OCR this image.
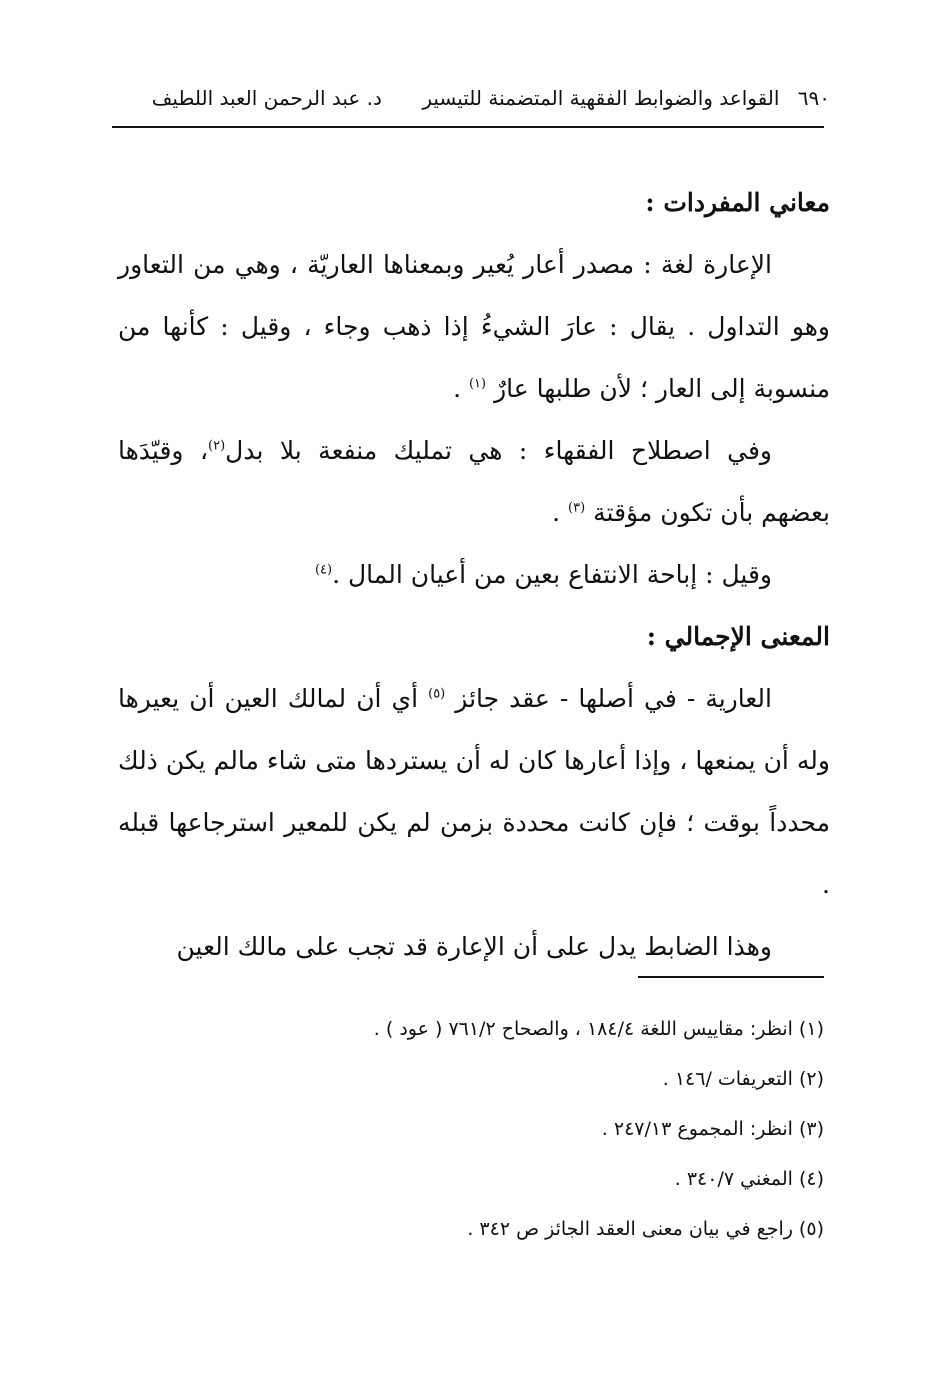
٦٩٠ القواعد والضوابط الفقهية المتضمنة للتيسير د. عبد الرحمن العبد اللطيف

معاني المفردات :

الإعارة لغة : مصدر أعار يُعير وبمعناها العاريّة ، وهي من التعاور وهو التداول . يقال : عارَ الشيءُ إذا ذهب وجاء ، وقيل : كأنها من منسوبة إلى العار ؛ لأن طلبها عارٌ $^{(١)}$ .

وفي اصطلاح الفقهاء : هي تمليك منفعة بلا بدل$^{(٢)}$، وقيّدَها بعضهم بأن تكون مؤقتة $^{(٣)}$ .

وقيل : إباحة الانتفاع بعين من أعيان المال .$^{(٤)}$

المعنى الإجمالي :

العارية - في أصلها - عقد جائز $^{(٥)}$ أي أن لمالك العين أن يعيرها وله أن يمنعها ، وإذا أعارها كان له أن يستردها متى شاء مالم يكن ذلك محدداً بوقت ؛ فإن كانت محددة بزمن لم يكن للمعير استرجاعها قبله .

وهذا الضابط يدل على أن الإعارة قد تجب على مالك العين

(١) انظر: مقاييس اللغة ١٨٤/٤ ، والصحاح ٧٦١/٢ ( عود ) .

(٢) التعريفات /١٤٦ .

(٣) انظر: المجموع ٢٤٧/١٣ .

(٤) المغني ٣٤٠/٧ .

(٥) راجع في بيان معنى العقد الجائز ص ٣٤٢ .
